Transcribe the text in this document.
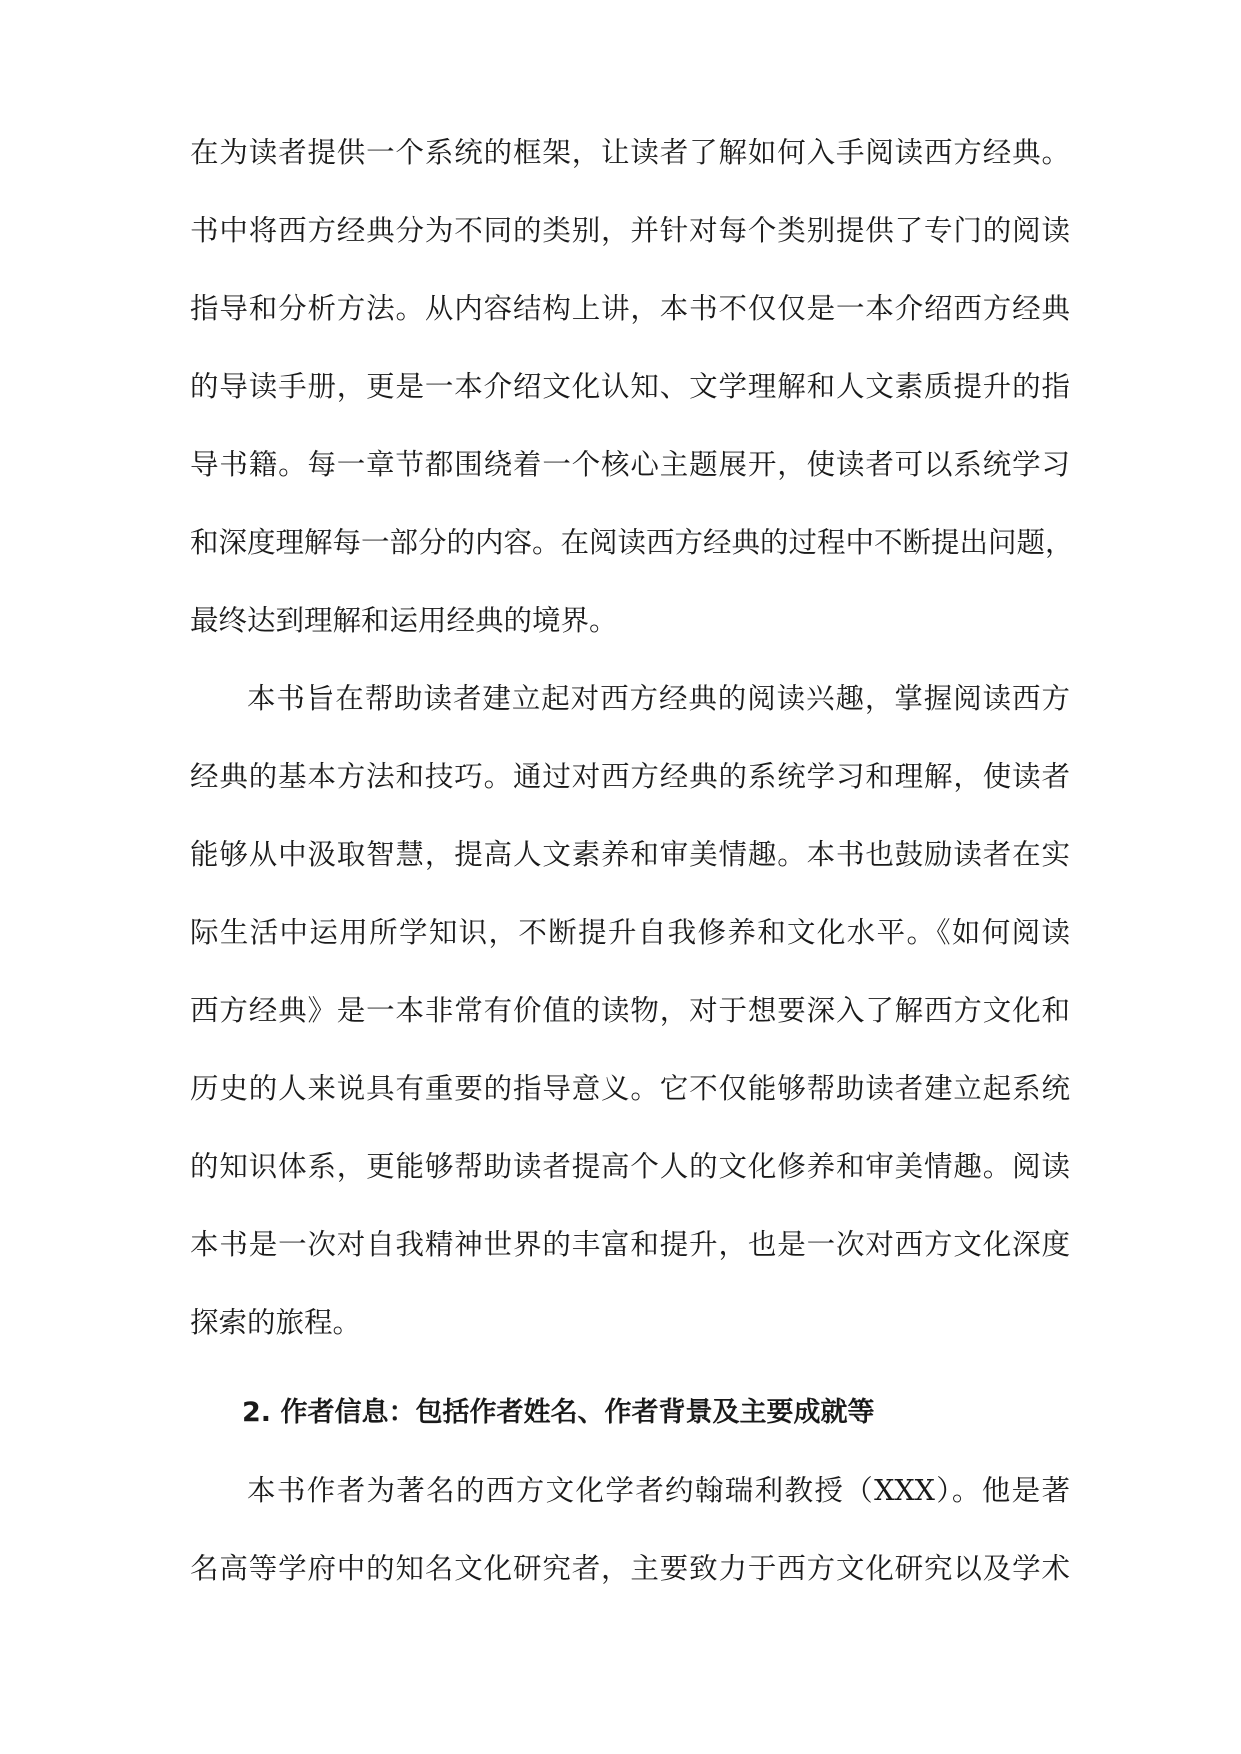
在为读者提供一个系统的框架，让读者了解如何入手阅读西方经典。
书中将西方经典分为不同的类别，并针对每个类别提供了专门的阅读
指导和分析方法。从内容结构上讲，本书不仅仅是一本介绍西方经典
的导读手册，更是一本介绍文化认知、文学理解和人文素质提升的指
导书籍。每一章节都围绕着一个核心主题展开，使读者可以系统学习
和深度理解每一部分的内容。在阅读西方经典的过程中不断提出问题，
最终达到理解和运用经典的境界。
本书旨在帮助读者建立起对西方经典的阅读兴趣，掌握阅读西方
经典的基本方法和技巧。通过对西方经典的系统学习和理解，使读者
能够从中汲取智慧，提高人文素养和审美情趣。本书也鼓励读者在实
际生活中运用所学知识，不断提升自我修养和文化水平。《如何阅读
西方经典》是一本非常有价值的读物，对于想要深入了解西方文化和
历史的人来说具有重要的指导意义。它不仅能够帮助读者建立起系统
的知识体系，更能够帮助读者提高个人的文化修养和审美情趣。阅读
本书是一次对自我精神世界的丰富和提升，也是一次对西方文化深度
探索的旅程。
2. 作者信息：包括作者姓名、作者背景及主要成就等
本书作者为著名的西方文化学者约翰瑞利教授（XXX）。他是著
名高等学府中的知名文化研究者，主要致力于西方文化研究以及学术
